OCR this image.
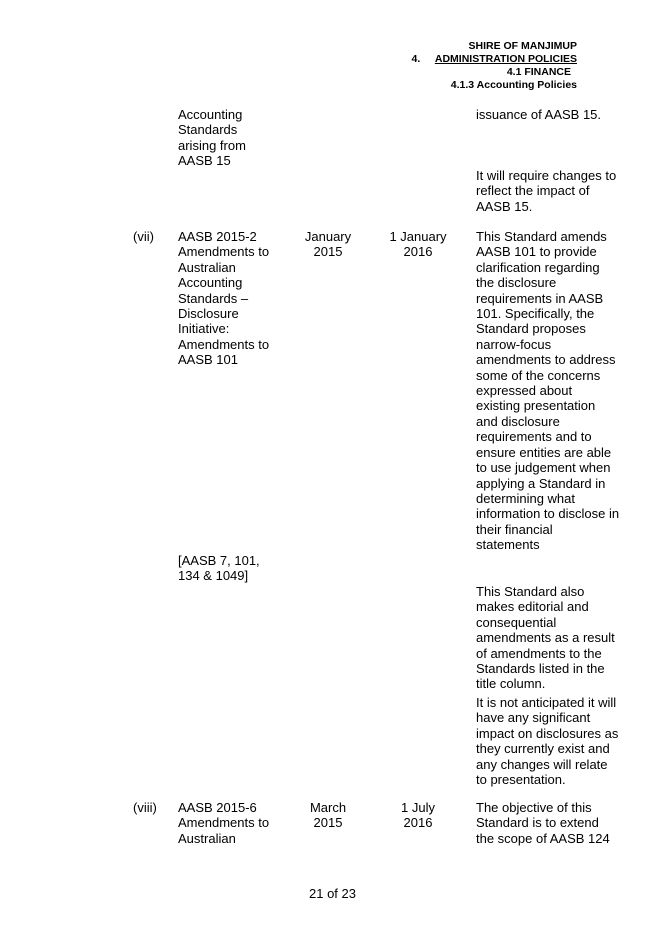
SHIRE OF MANJIMUP
4. ADMINISTRATION POLICIES
4.1 FINANCE
4.1.3 Accounting Policies
Accounting
Standards
arising from
AASB 15
issuance of AASB 15.
It will require changes to
reflect the impact of
AASB 15.
(vii) AASB 2015-2
Amendments to
Australian
Accounting
Standards –
Disclosure
Initiative:
Amendments to
AASB 101
January
2015
1 January
2016
This Standard amends
AASB 101 to provide
clarification regarding
the disclosure
requirements in AASB
101. Specifically, the
Standard proposes
narrow-focus
amendments to address
some of the concerns
expressed about
existing presentation
and disclosure
requirements and to
ensure entities are able
to use judgement when
applying a Standard in
determining what
information to disclose in
their financial
statements
[AASB 7, 101,
134 & 1049]
This Standard also
makes editorial and
consequential
amendments as a result
of amendments to the
Standards listed in the
title column.
It is not anticipated it will
have any significant
impact on disclosures as
they currently exist and
any changes will relate
to presentation.
(viii) AASB 2015-6
Amendments to
Australian
March
2015
1 July
2016
The objective of this
Standard is to extend
the scope of AASB 124
21 of 23
